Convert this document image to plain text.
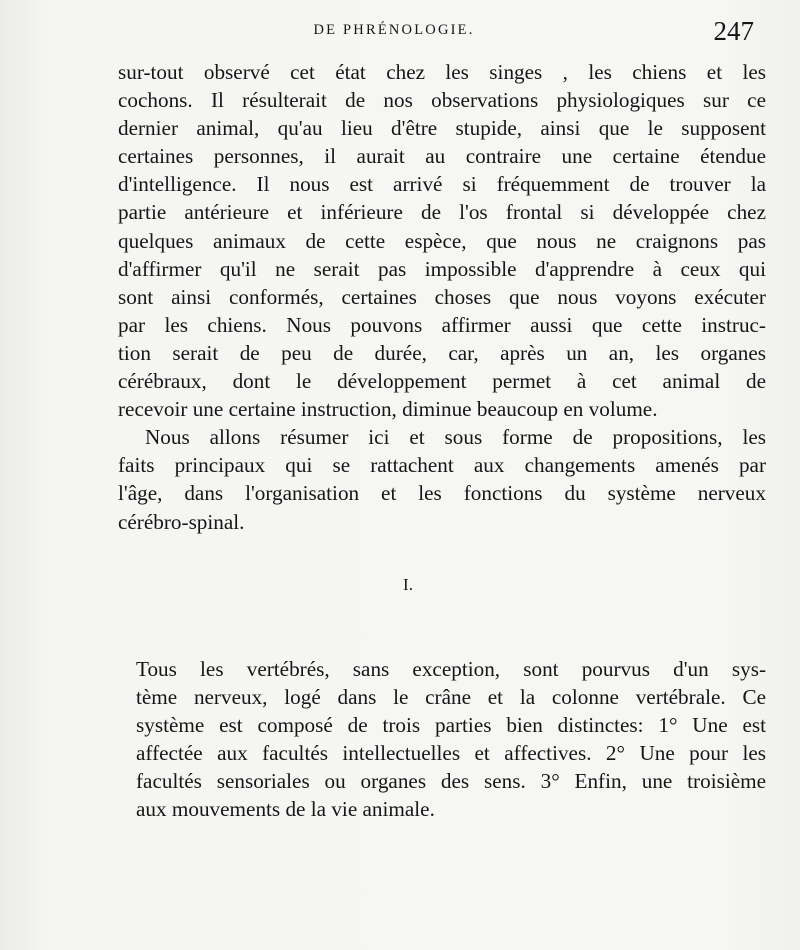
DE PHRÉNOLOGIE.	247
sur-tout observé cet état chez les singes , les chiens et les
cochons. Il résulterait de nos observations physiologiques sur ce
dernier animal, qu'au lieu d'être stupide, ainsi que le supposent
certaines personnes, il aurait au contraire une certaine étendue
d'intelligence. Il nous est arrivé si fréquemment de trouver la
partie antérieure et inférieure de l'os frontal si développée chez
quelques animaux de cette espèce, que nous ne craignons pas
d'affirmer qu'il ne serait pas impossible d'apprendre à ceux qui
sont ainsi conformés, certaines choses que nous voyons exécuter
par les chiens. Nous pouvons affirmer aussi que cette instruc-
tion serait de peu de durée, car, après un an, les organes
cérébraux, dont le développement permet à cet animal de
recevoir une certaine instruction, diminue beaucoup en volume.
Nous allons résumer ici et sous forme de propositions, les
faits principaux qui se rattachent aux changements amenés par
l'âge, dans l'organisation et les fonctions du système nerveux
cérébro-spinal.
I.
Tous les vertébrés, sans exception, sont pourvus d'un sys-
tème nerveux, logé dans le crâne et la colonne vertébrale. Ce
système est composé de trois parties bien distinctes: 1° Une est
affectée aux facultés intellectuelles et affectives. 2° Une pour les
facultés sensoriales ou organes des sens. 3° Enfin, une troisième
aux mouvements de la vie animale.
